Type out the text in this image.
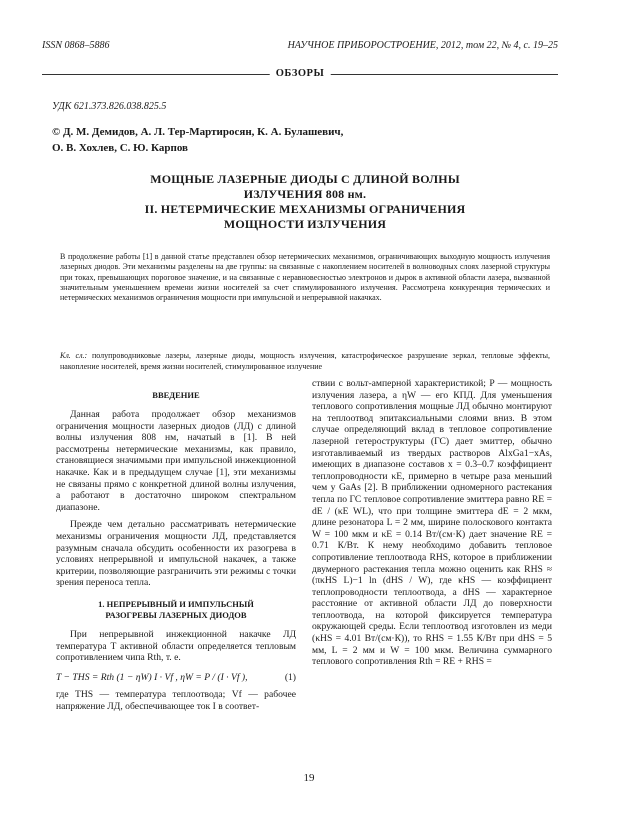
ISSN 0868–5886	НАУЧНОЕ ПРИБОРОСТРОЕНИЕ, 2012, том 22, № 4, с. 19–25
ОБЗОРЫ
УДК 621.373.826.038.825.5
© Д. М. Демидов, А. Л. Тер-Мартиросян, К. А. Булашевич,
О. В. Хохлев, С. Ю. Карпов
МОЩНЫЕ ЛАЗЕРНЫЕ ДИОДЫ С ДЛИНОЙ ВОЛНЫ
ИЗЛУЧЕНИЯ 808 нм.
II. НЕТЕРМИЧЕСКИЕ МЕХАНИЗМЫ ОГРАНИЧЕНИЯ
МОЩНОСТИ ИЗЛУЧЕНИЯ
В продолжение работы [1] в данной статье представлен обзор нетермических механизмов, ограничивающих выходную мощность излучения лазерных диодов. Эти механизмы разделены на две группы: на связанные с накоплением носителей в волноводных слоях лазерной структуры при токах, превышающих пороговое значение, и на связанные с неравновесностью электронов и дырок в активной области лазера, вызванной значительным уменьшением времени жизни носителей за счет стимулированного излучения. Рассмотрена конкуренция термических и нетермических механизмов ограничения мощности при импульсной и непрерывной накачках.
Кл. сл.: полупроводниковые лазеры, лазерные диоды, мощность излучения, катастрофическое разрушение зеркал, тепловые эффекты, накопление носителей, время жизни носителей, стимулированное излучение
ВВЕДЕНИЕ

Данная работа продолжает обзор механизмов ограничения мощности лазерных диодов (ЛД) с длиной волны излучения 808 нм, начатый в [1]. В ней рассмотрены нетермические механизмы, как правило, становящиеся значимыми при импульсной инжекционной накачке. Как и в предыдущем случае [1], эти механизмы не связаны прямо с конкретной длиной волны излучения, а работают в достаточно широком спектральном диапазоне.

Прежде чем детально рассматривать нетермические механизмы ограничения мощности ЛД, представляется разумным сначала обсудить особенности их разогрева в условиях непрерывной и импульсной накачек, а также критерии, позволяющие разграничить эти режимы с точки зрения переноса тепла.

1. НЕПРЕРЫВНЫЙ И ИМПУЛЬСНЫЙ
РАЗОГРЕВЫ ЛАЗЕРНЫХ ДИОДОВ

При непрерывной инжекционной накачке ЛД температура T активной области определяется тепловым сопротивлением чипа Rth, т. е.

T − THS = Rth (1 − ηW) I · Vf , ηW = P / (I · Vf ),	(1)

где THS — температура теплоотвода; Vf — рабочее напряжение ЛД, обеспечивающее ток I в соответ-

ствии с вольт-амперной характеристикой; P — мощность излучения лазера, а ηW — его КПД. Для уменьшения теплового сопротивления мощные ЛД обычно монтируют на теплоотвод эпитаксиальными слоями вниз. В этом случае определяющий вклад в тепловое сопротивление лазерной гетероструктуры (ГС) дает эмиттер, обычно изготавливаемый из твердых растворов AlxGa1−xAs, имеющих в диапазоне составов x = 0.3–0.7 коэффициент теплопроводности κE, примерно в четыре раза меньший чем у GaAs [2]. В приближении одномерного растекания тепла по ГС тепловое сопротивление эмиттера равно RE = dE / (κE WL), что при толщине эмиттера dE = 2 мкм, длине резонатора L = 2 мм, ширине полоскового контакта W = 100 мкм и κE = 0.14 Вт/(см·К) дает значение RE = 0.71 К/Вт. К нему необходимо добавить тепловое сопротивление теплоотвода RHS, которое в приближении двумерного растекания тепла можно оценить как RHS ≈ (πκHS L)−1 ln (dHS / W), где κHS — коэффициент теплопроводности теплоотвода, а dHS — характерное расстояние от активной области ЛД до поверхности теплоотвода, на которой фиксируется температура окружающей среды. Если теплоотвод изготовлен из меди (κHS = 4.01 Вт/(см·К)), то RHS = 1.55 К/Вт при dHS = 5 мм, L = 2 мм и W = 100 мкм. Величина суммарного теплового сопротивления Rth = RE + RHS =

19
